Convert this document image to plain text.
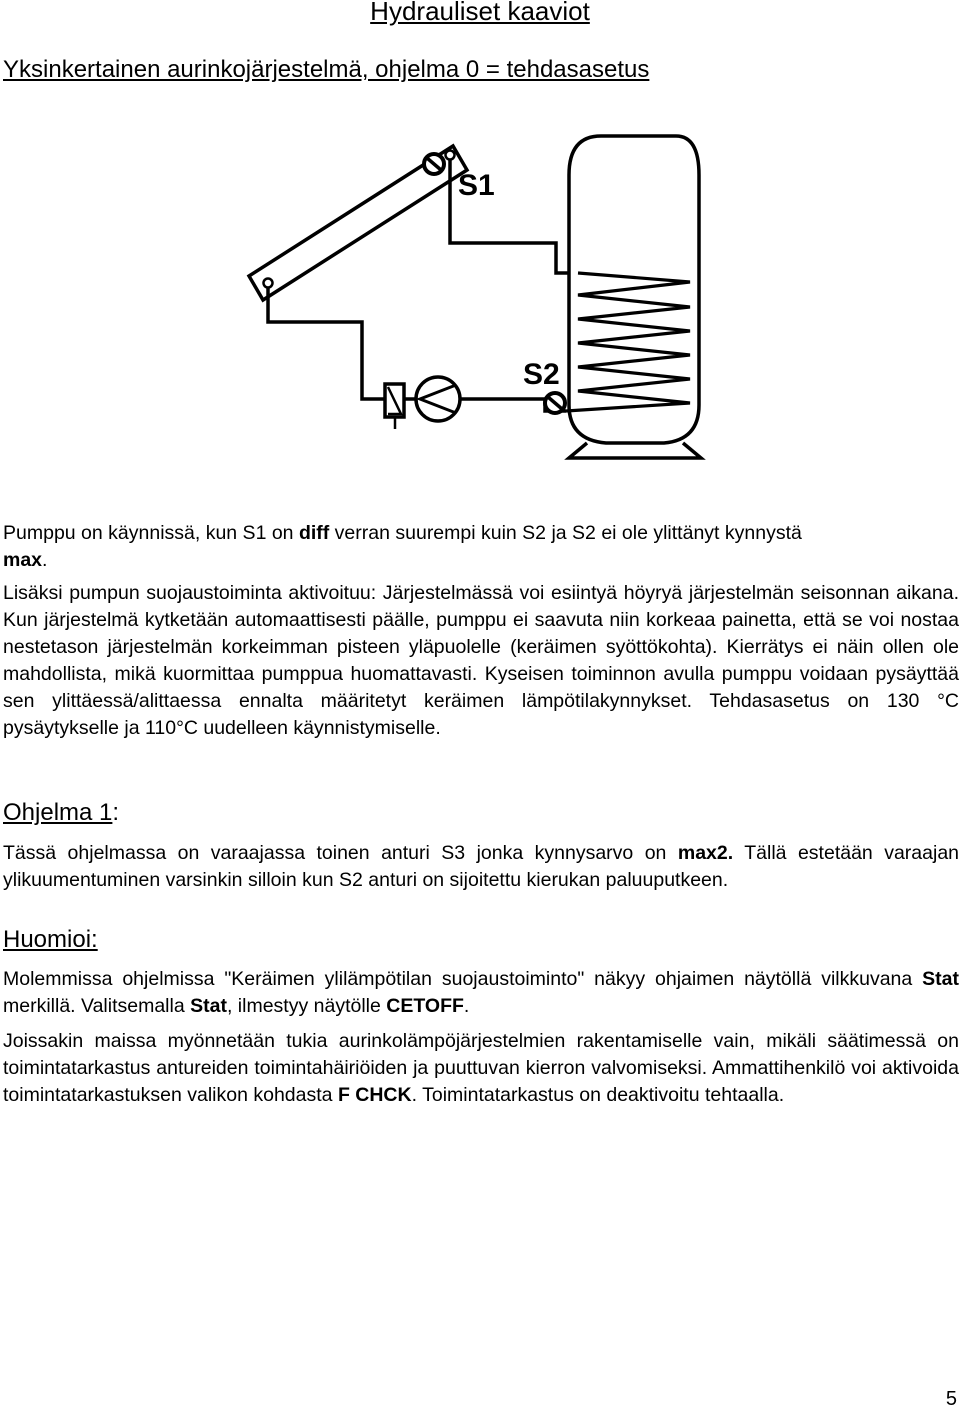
Hydrauliset kaaviot
Yksinkertainen aurinkojärjestelmä, ohjelma 0 = tehdasasetus
S1
S2

Pumppu on käynnissä, kun S1 on diff verran suurempi kuin S2 ja S2 ei ole ylittänyt kynnystä
max.

Lisäksi pumpun suojaustoiminta aktivoituu: Järjestelmässä voi esiintyä höyryä järjestelmän seisonnan aikana. Kun järjestelmä kytketään automaattisesti päälle, pumppu ei saavuta niin korkeaa painetta, että se voi nostaa nestetason järjestelmän korkeimman pisteen yläpuolelle (keräimen syöttökohta). Kierrätys ei näin ollen ole mahdollista, mikä kuormittaa pumppua huomattavasti. Kyseisen toiminnon avulla pumppu voidaan pysäyttää sen ylittäessä/alittaessa ennalta määritetyt keräimen lämpötilakynnykset. Tehdasasetus on 130 °C pysäytykselle ja 110°C uudelleen käynnistymiselle.

Ohjelma 1:

Tässä ohjelmassa on varaajassa toinen anturi S3 jonka kynnysarvo on max2. Tällä estetään varaajan ylikuumentuminen varsinkin silloin kun S2 anturi on sijoitettu kierukan paluuputkeen.

Huomioi:

Molemmissa ohjelmissa "Keräimen ylilämpötilan suojaustoiminto" näkyy ohjaimen näytöllä vilkkuvana Stat merkillä. Valitsemalla Stat, ilmestyy näytölle CETOFF.

Joissakin maissa myönnetään tukia aurinkolämpöjärjestelmien rakentamiselle vain, mikäli säätimessä on toimintatarkastus antureiden toimintahäiriöiden ja puuttuvan kierron valvomiseksi. Ammattihenkilö voi aktivoida toimintatarkastuksen valikon kohdasta F CHCK. Toimintatarkastus on deaktivoitu tehtaalla.

5
